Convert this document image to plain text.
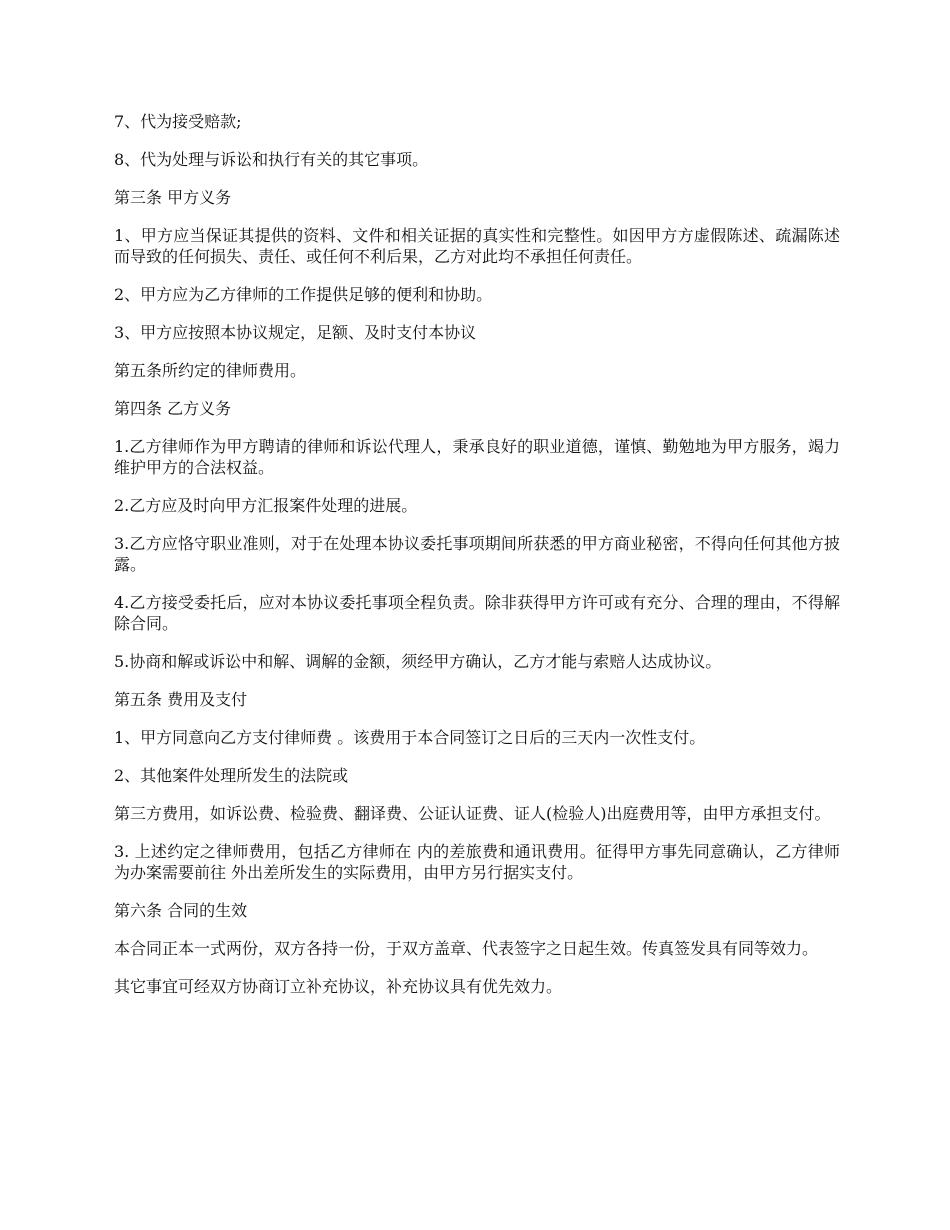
7、代为接受赔款;

8、代为处理与诉讼和执行有关的其它事项。

第三条 甲方义务

1、甲方应当保证其提供的资料、文件和相关证据的真实性和完整性。如因甲方方虚假陈述、疏漏陈述而导致的任何损失、责任、或任何不利后果，乙方对此均不承担任何责任。

2、甲方应为乙方律师的工作提供足够的便利和协助。

3、甲方应按照本协议规定，足额、及时支付本协议

第五条所约定的律师费用。

第四条 乙方义务

1.乙方律师作为甲方聘请的律师和诉讼代理人，秉承良好的职业道德，谨慎、勤勉地为甲方服务，竭力维护甲方的合法权益。

2.乙方应及时向甲方汇报案件处理的进展。

3.乙方应恪守职业准则，对于在处理本协议委托事项期间所获悉的甲方商业秘密，不得向任何其他方披露。

4.乙方接受委托后，应对本协议委托事项全程负责。除非获得甲方许可或有充分、合理的理由，不得解除合同。

5.协商和解或诉讼中和解、调解的金额，须经甲方确认，乙方才能与索赔人达成协议。

第五条 费用及支付

1、甲方同意向乙方支付律师费 。该费用于本合同签订之日后的三天内一次性支付。

2、其他案件处理所发生的法院或

第三方费用，如诉讼费、检验费、翻译费、公证认证费、证人(检验人)出庭费用等，由甲方承担支付。

3. 上述约定之律师费用，包括乙方律师在 内的差旅费和通讯费用。征得甲方事先同意确认，乙方律师为办案需要前往 外出差所发生的实际费用，由甲方另行据实支付。

第六条 合同的生效

本合同正本一式两份，双方各持一份，于双方盖章、代表签字之日起生效。传真签发具有同等效力。

其它事宜可经双方协商订立补充协议，补充协议具有优先效力。
